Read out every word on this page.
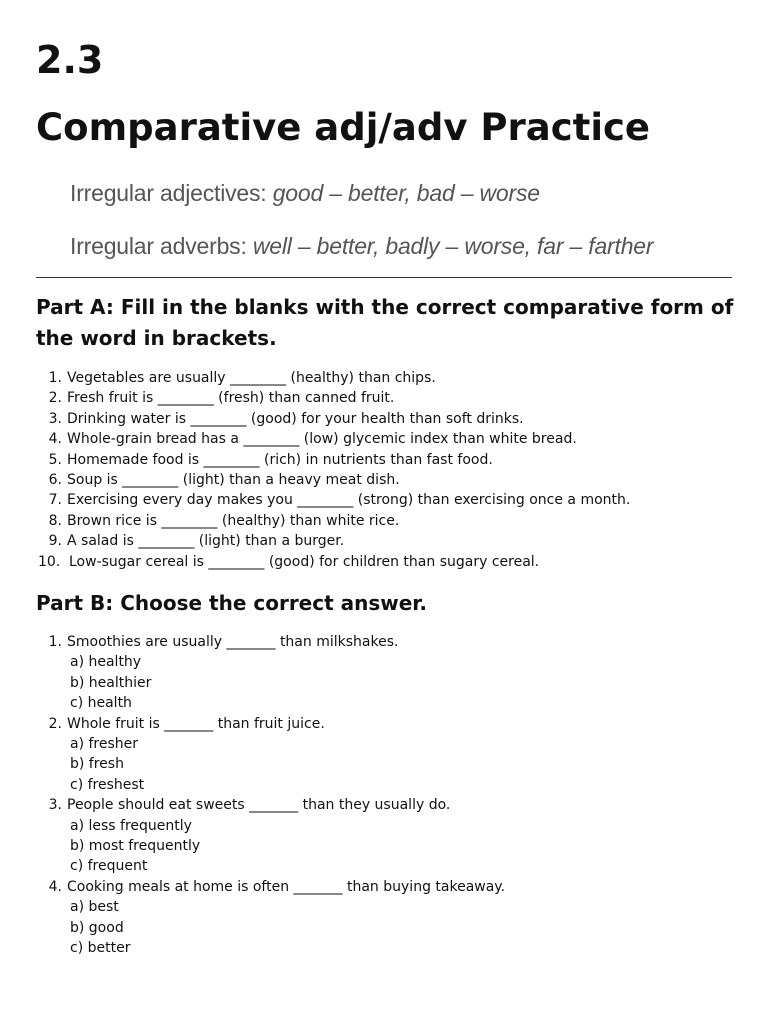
2.3
Comparative adj/adv Practice
Irregular adjectives: good – better, bad – worse
Irregular adverbs: well – better, badly – worse, far – farther
Part A: Fill in the blanks with the correct comparative form of the word in brackets.
1. Vegetables are usually ________ (healthy) than chips.
2. Fresh fruit is ________ (fresh) than canned fruit.
3. Drinking water is ________ (good) for your health than soft drinks.
4. Whole-grain bread has a ________ (low) glycemic index than white bread.
5. Homemade food is ________ (rich) in nutrients than fast food.
6. Soup is ________ (light) than a heavy meat dish.
7. Exercising every day makes you ________ (strong) than exercising once a month.
8. Brown rice is ________ (healthy) than white rice.
9. A salad is ________ (light) than a burger.
10. Low-sugar cereal is ________ (good) for children than sugary cereal.
Part B: Choose the correct answer.
1. Smoothies are usually _______ than milkshakes.
a) healthy
b) healthier
c) health
2. Whole fruit is _______ than fruit juice.
a) fresher
b) fresh
c) freshest
3. People should eat sweets _______ than they usually do.
a) less frequently
b) most frequently
c) frequent
4. Cooking meals at home is often _______ than buying takeaway.
a) best
b) good
c) better
